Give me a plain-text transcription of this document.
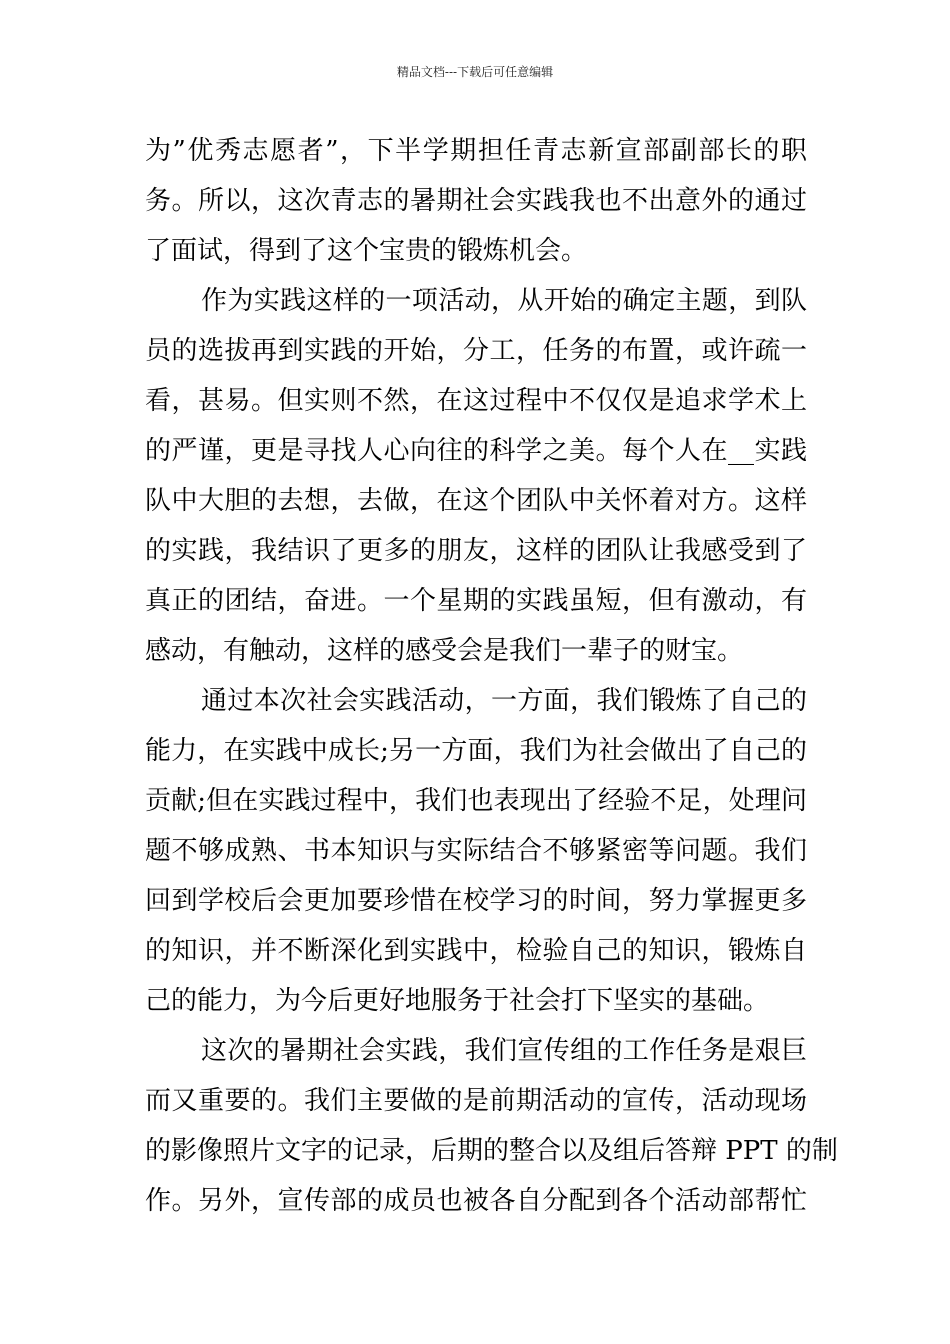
精品文档---下载后可任意编辑
为”优秀志愿者”，下半学期担任青志新宣部副部长的职
务。所以，这次青志的暑期社会实践我也不出意外的通过
了面试，得到了这个宝贵的锻炼机会。
作为实践这样的一项活动，从开始的确定主题，到队
员的选拔再到实践的开始，分工，任务的布置，或许疏一
看，甚易。但实则不然，在这过程中不仅仅是追求学术上
的严谨，更是寻找人心向往的科学之美。每个人在__实践
队中大胆的去想，去做，在这个团队中关怀着对方。这样
的实践，我结识了更多的朋友，这样的团队让我感受到了
真正的团结，奋进。一个星期的实践虽短，但有激动，有
感动，有触动，这样的感受会是我们一辈子的财宝。
通过本次社会实践活动，一方面，我们锻炼了自己的
能力，在实践中成长;另一方面，我们为社会做出了自己的
贡献;但在实践过程中，我们也表现出了经验不足，处理问
题不够成熟、书本知识与实际结合不够紧密等问题。我们
回到学校后会更加要珍惜在校学习的时间，努力掌握更多
的知识，并不断深化到实践中，检验自己的知识，锻炼自
己的能力，为今后更好地服务于社会打下坚实的基础。
这次的暑期社会实践，我们宣传组的工作任务是艰巨
而又重要的。我们主要做的是前期活动的宣传，活动现场
的影像照片文字的记录，后期的整合以及组后答辩 PPT 的制
作。另外，宣传部的成员也被各自分配到各个活动部帮忙
